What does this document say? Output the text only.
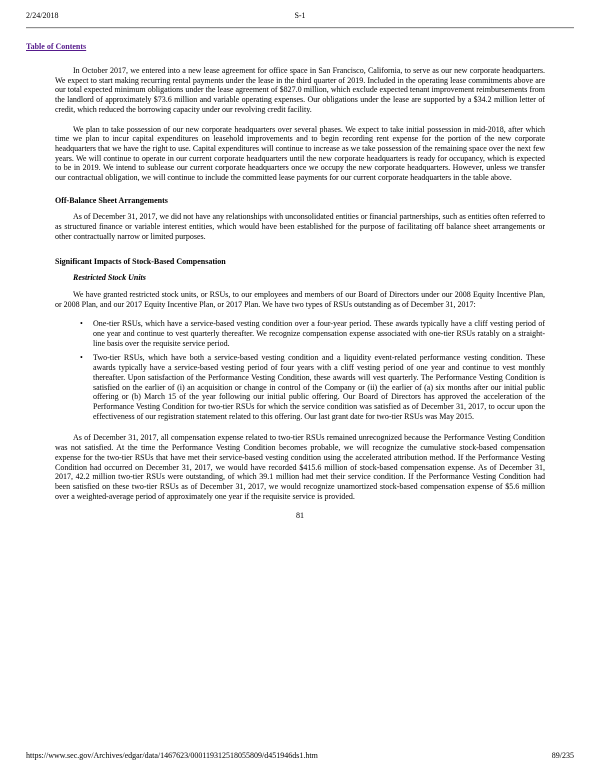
2/24/2018	S-1
Table of Contents

In October 2017, we entered into a new lease agreement for office space in San Francisco, California, to serve as our new corporate headquarters. We expect to start making recurring rental payments under the lease in the third quarter of 2019. Included in the operating lease commitments above are our total expected minimum obligations under the lease agreement of $827.0 million, which exclude expected tenant improvement reimbursements from the landlord of approximately $73.6 million and variable operating expenses. Our obligations under the lease are supported by a $34.2 million letter of credit, which reduced the borrowing capacity under our revolving credit facility.

We plan to take possession of our new corporate headquarters over several phases. We expect to take initial possession in mid-2018, after which time we plan to incur capital expenditures on leasehold improvements and to begin recording rent expense for the portion of the new corporate headquarters that we have the right to use. Capital expenditures will continue to increase as we take possession of the remaining space over the next few years. We will continue to operate in our current corporate headquarters until the new corporate headquarters is ready for occupancy, which is expected to be in 2019. We intend to sublease our current corporate headquarters once we occupy the new corporate headquarters. However, unless we transfer our contractual obligation, we will continue to include the committed lease payments for our current corporate headquarters in the table above.

Off-Balance Sheet Arrangements

As of December 31, 2017, we did not have any relationships with unconsolidated entities or financial partnerships, such as entities often referred to as structured finance or variable interest entities, which would have been established for the purpose of facilitating off balance sheet arrangements or other contractually narrow or limited purposes.

Significant Impacts of Stock-Based Compensation
Restricted Stock Units

We have granted restricted stock units, or RSUs, to our employees and members of our Board of Directors under our 2008 Equity Incentive Plan, or 2008 Plan, and our 2017 Equity Incentive Plan, or 2017 Plan. We have two types of RSUs outstanding as of December 31, 2017:

•	One-tier RSUs, which have a service-based vesting condition over a four-year period. These awards typically have a cliff vesting period of one year and continue to vest quarterly thereafter. We recognize compensation expense associated with one-tier RSUs ratably on a straight-line basis over the requisite service period.
•	Two-tier RSUs, which have both a service-based vesting condition and a liquidity event-related performance vesting condition. These awards typically have a service-based vesting period of four years with a cliff vesting period of one year and continue to vest monthly thereafter. Upon satisfaction of the Performance Vesting Condition, these awards will vest quarterly. The Performance Vesting Condition is satisfied on the earlier of (i) an acquisition or change in control of the Company or (ii) the earlier of (a) six months after our initial public offering or (b) March 15 of the year following our initial public offering. Our Board of Directors has approved the acceleration of the Performance Vesting Condition for two-tier RSUs for which the service condition was satisfied as of December 31, 2017, to occur upon the effectiveness of our registration statement related to this offering. Our last grant date for two-tier RSUs was May 2015.

As of December 31, 2017, all compensation expense related to two-tier RSUs remained unrecognized because the Performance Vesting Condition was not satisfied. At the time the Performance Vesting Condition becomes probable, we will recognize the cumulative stock-based compensation expense for the two-tier RSUs that have met their service-based vesting condition using the accelerated attribution method. If the Performance Vesting Condition had occurred on December 31, 2017, we would have recorded $415.6 million of stock-based compensation expense. As of December 31, 2017, 42.2 million two-tier RSUs were outstanding, of which 39.1 million had met their service condition. If the Performance Vesting Condition had been satisfied on these two-tier RSUs as of December 31, 2017, we would recognize unamortized stock-based compensation expense of $5.6 million over a weighted-average period of approximately one year if the requisite service is provided.

81
https://www.sec.gov/Archives/edgar/data/1467623/000119312518055809/d451946ds1.htm	89/235
